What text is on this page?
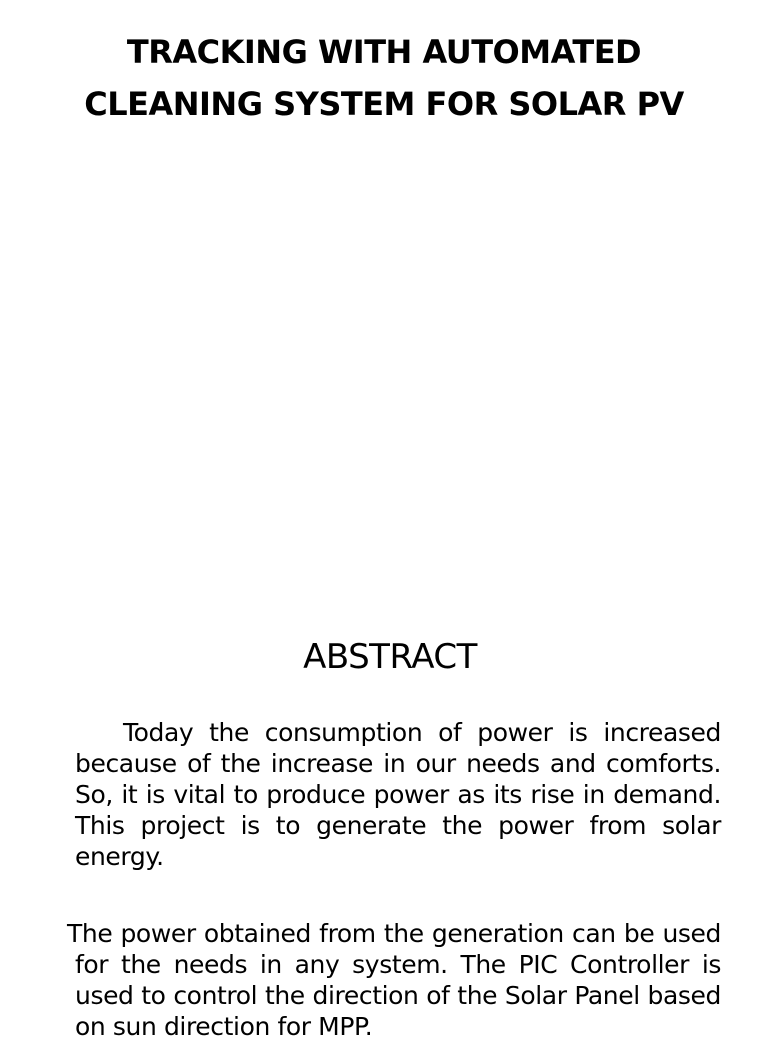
TRACKING WITH AUTOMATED
CLEANING SYSTEM FOR SOLAR PV
ABSTRACT
Today the consumption of power is increased because of the increase in our needs and comforts. So, it is vital to produce power as its rise in demand. This project is to generate the power from solar energy.
The power obtained from the generation can be used for the needs in any system. The PIC Controller is used to control the direction of the Solar Panel based on sun direction for MPP.
